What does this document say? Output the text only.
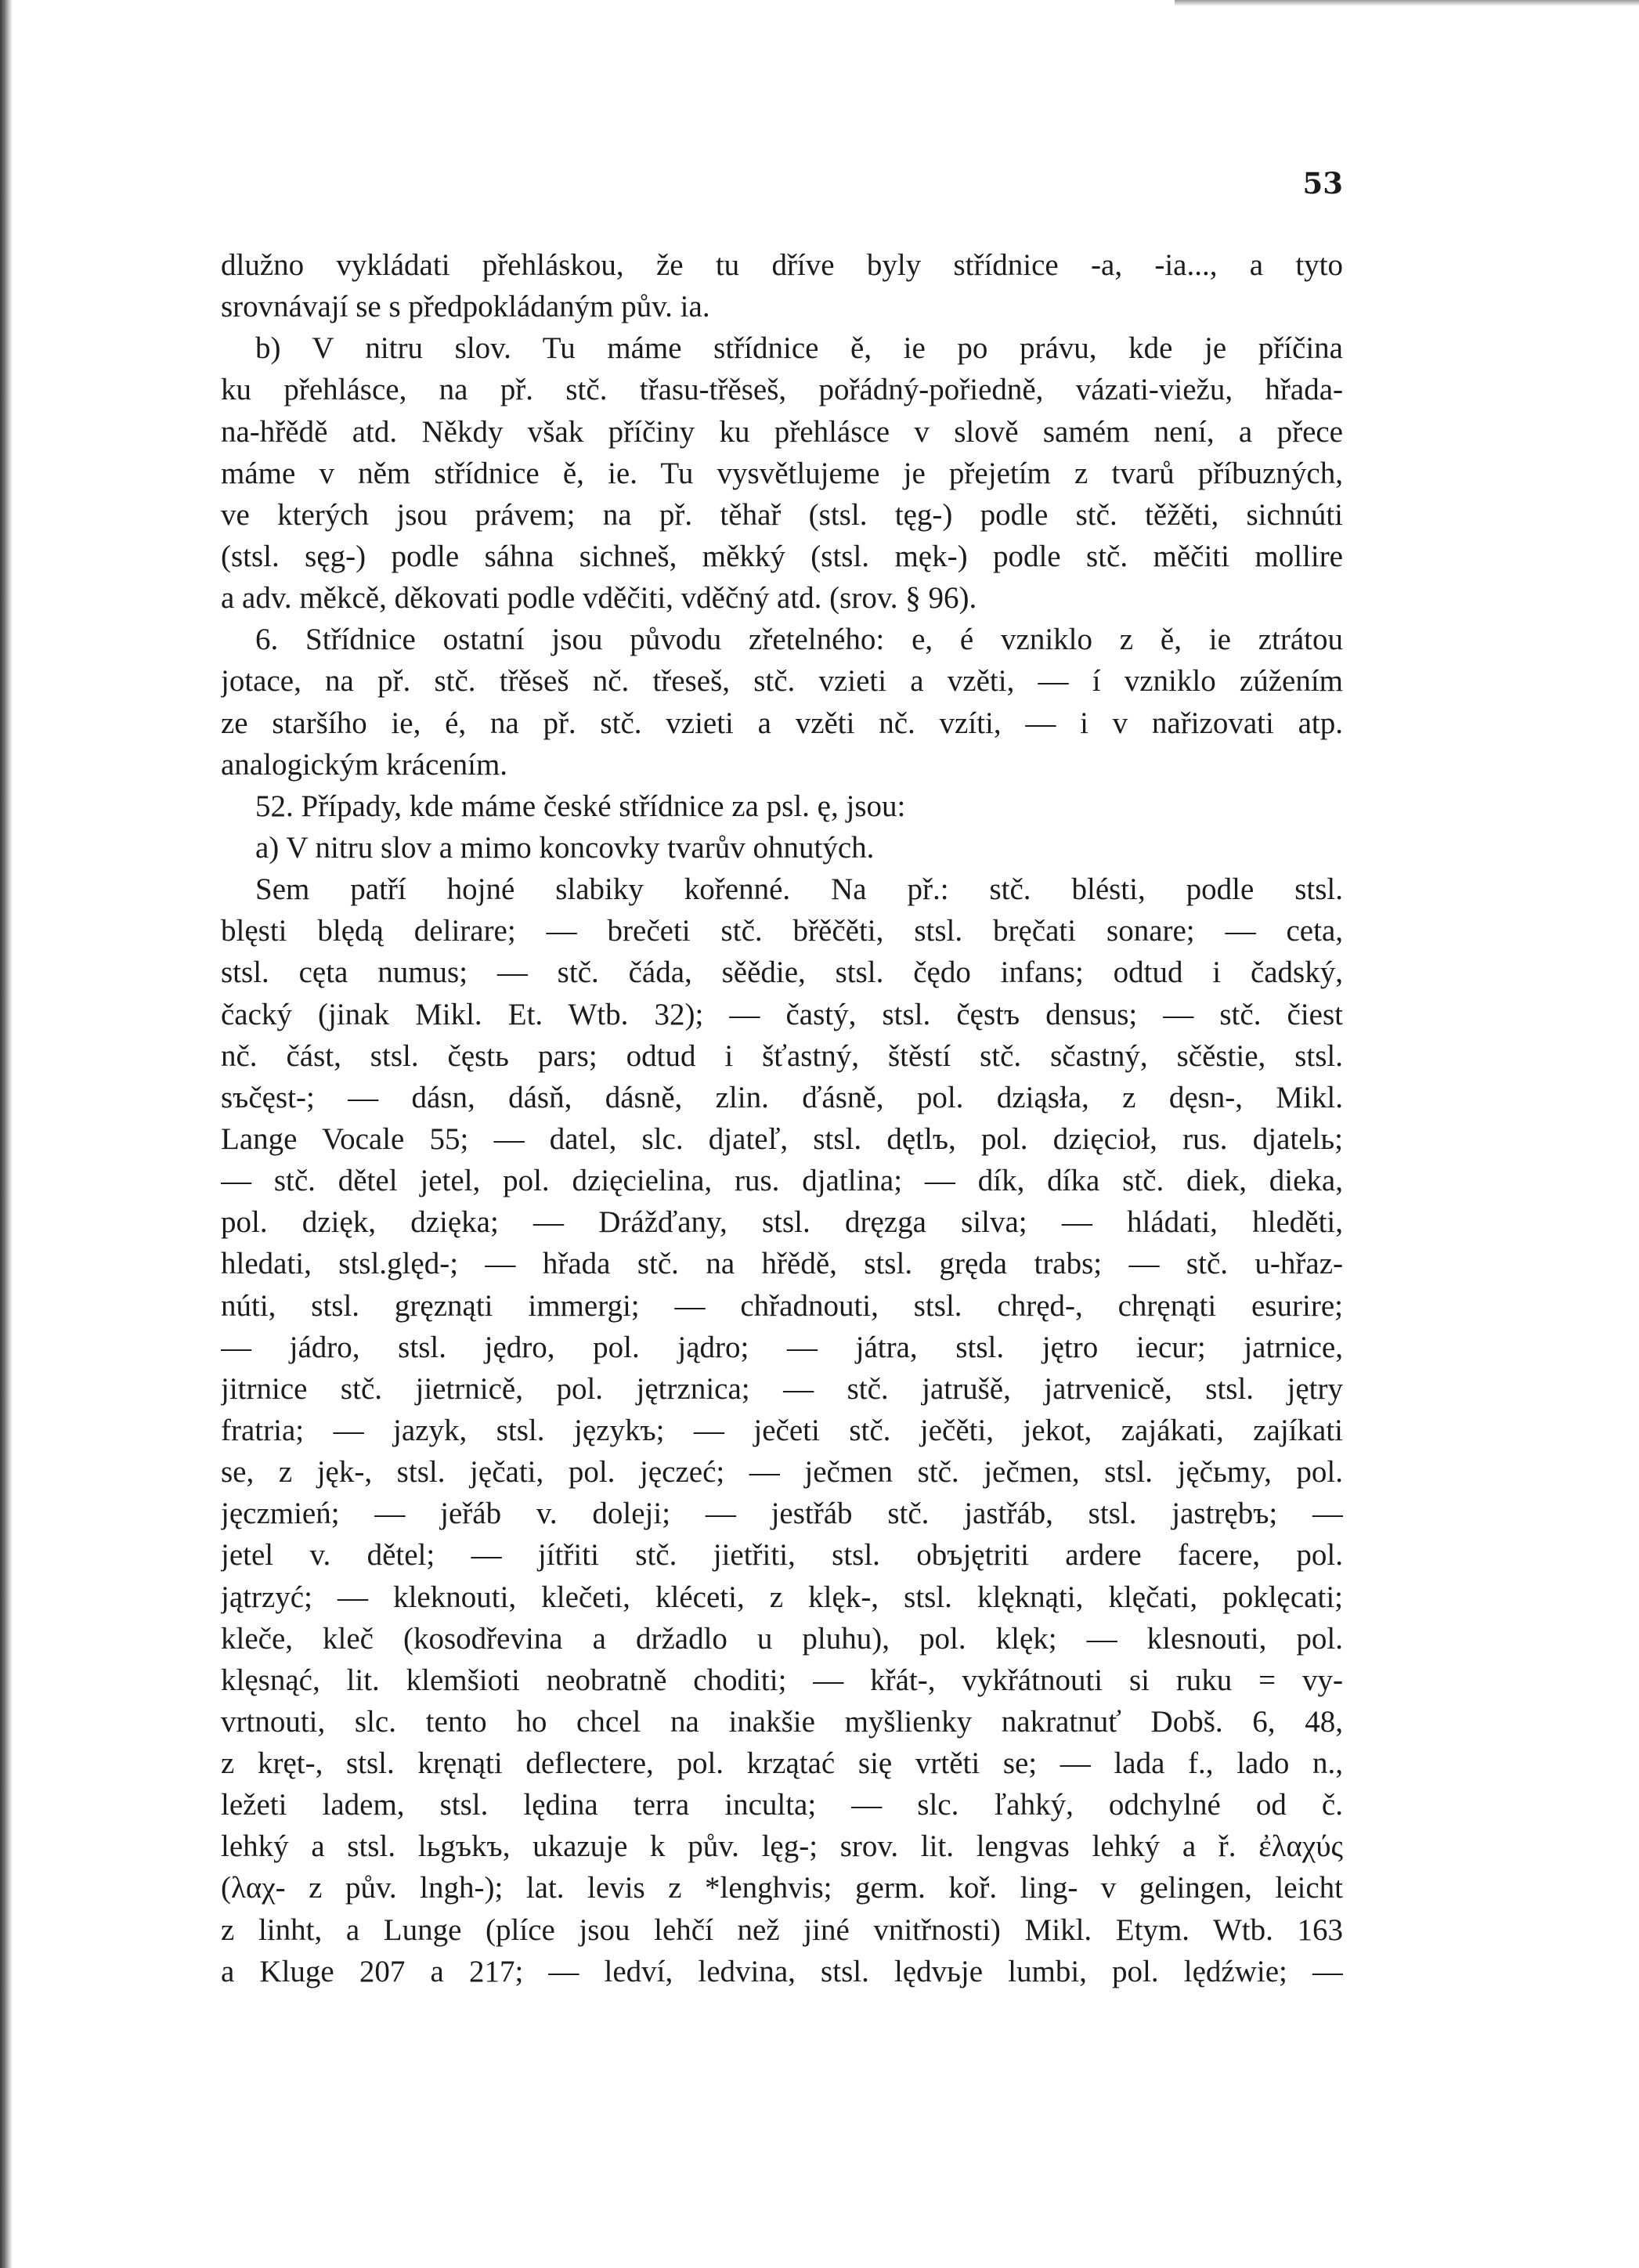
53
dlužno vykládati přehláskou, že tu dříve byly střídnice -a, -ia..., a tyto
srovnávají se s předpokládaným pův. ia.
b) V nitru slov. Tu máme střídnice ě, ie po právu, kde je příčina
ku přehlásce, na př. stč. třasu-třěseš, pořádný-pořiedně, vázati-viežu, hřada-
na-hřědě atd. Někdy však příčiny ku přehlásce v slově samém není, a přece
máme v něm střídnice ě, ie. Tu vysvětlujeme je přejetím z tvarů příbuzných,
ve kterých jsou právem; na př. těhař (stsl. tęg-) podle stč. těžěti, sichnúti
(stsl. sęg-) podle sáhna sichneš, měkký (stsl. męk-) podle stč. měčiti mollire
a adv. měkcě, děkovati podle vděčiti, vděčný atd. (srov. § 96).
6. Střídnice ostatní jsou původu zřetelného: e, é vzniklo z ě, ie ztrátou
jotace, na př. stč. třěseš nč. třeseš, stč. vzieti a vzěti, — í vzniklo zúžením
ze staršího ie, é, na př. stč. vzieti a vzěti nč. vzíti, — i v nařizovati atp.
analogickým krácením.
52. Případy, kde máme české střídnice za psl. ę, jsou:
a) V nitru slov a mimo koncovky tvarův ohnutých.
Sem patří hojné slabiky kořenné. Na př.: stč. blésti, podle stsl.
blęsti blędą delirare; — brečeti stč. břěčěti, stsl. bręčati sonare; — ceta,
stsl. cęta numus; — stč. čáda, sěědie, stsl. čędo infans; odtud i čadský,
čacký (jinak Mikl. Et. Wtb. 32); — častý, stsl. čęstъ densus; — stč. čiest
nč. část, stsl. čęstь pars; odtud i šťastný, štěstí stč. sčastný, sčěstie, stsl.
sъčęst-; — dásn, dásň, dásně, zlin. ďásně, pol. dziąsła, z dęsn-, Mikl.
Lange Vocale 55; — datel, slc. djateľ, stsl. dętlъ, pol. dzięcioł, rus. djatelь;
— stč. dětel jetel, pol. dzięcielina, rus. djatlina; — dík, díka stč. diek, dieka,
pol. dzięk, dzięka; — Drážďany, stsl. dręzga silva; — hládati, hleděti,
hledati, stsl.ględ-; — hřada stč. na hřědě, stsl. gręda trabs; — stč. u-hřaz-
núti, stsl. gręznąti immergi; — chřadnouti, stsl. chręd-, chręnąti esurire;
— jádro, stsl. jędro, pol. jądro; — játra, stsl. jętro iecur; jatrnice,
jitrnice stč. jietrnicě, pol. jętrznica; — stč. jatrušě, jatrvenicě, stsl. jętry
fratria; — jazyk, stsl. językъ; — ječeti stč. ječěti, jekot, zajákati, zajíkati
se, z jęk-, stsl. jęčati, pol. jęczeć; — ječmen stč. ječmen, stsl. jęčьmy, pol.
jęczmień; — jeřáb v. doleji; — jestřáb stč. jastřáb, stsl. jastrębъ; —
jetel v. dětel; — jítřiti stč. jietřiti, stsl. obъjętriti ardere facere, pol.
jątrzyć; — kleknouti, klečeti, kléceti, z klęk-, stsl. klęknąti, klęčati, poklęcati;
kleče, kleč (kosodřevina a držadlo u pluhu), pol. klęk; — klesnouti, pol.
klęsnąć, lit. klemšioti neobratně choditi; — křát-, vykřátnouti si ruku = vy-
vrtnouti, slc. tento ho chcel na inakšie myšlienky nakratnuť Dobš. 6, 48,
z kręt-, stsl. kręnąti deflectere, pol. krzątać się vrtěti se; — lada f., lado n.,
ležeti ladem, stsl. lędina terra inculta; — slc. ľahký, odchylné od č.
lehký a stsl. lьgъkъ, ukazuje k pův. lęg-; srov. lit. lengvas lehký a ř. ἐλαχύς
(λαχ- z pův. lngh-); lat. levis z *lenghvis; germ. koř. ling- v gelingen, leicht
z linht, a Lunge (plíce jsou lehčí než jiné vnitřnosti) Mikl. Etym. Wtb. 163
a Kluge 207 a 217; — ledví, ledvina, stsl. lędvьje lumbi, pol. lędźwie; —
